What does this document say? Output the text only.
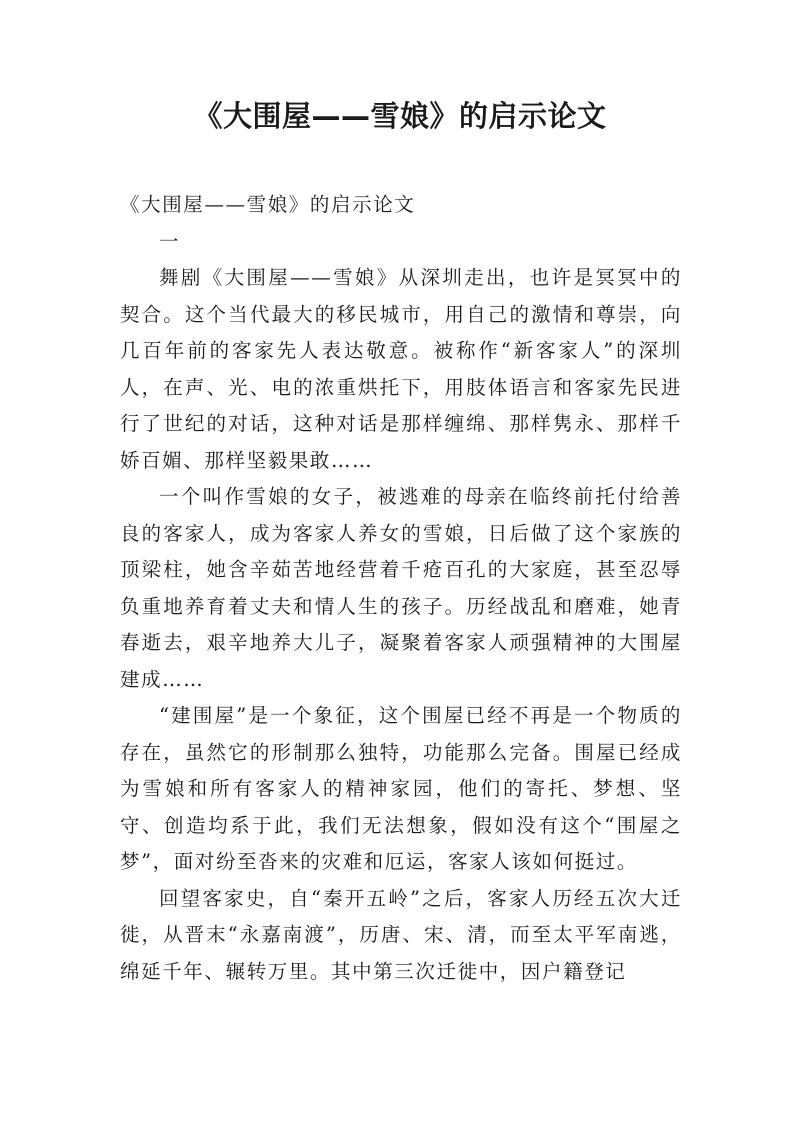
《大围屋——雪娘》的启示论文

《大围屋——雪娘》的启示论文

一

舞剧《大围屋——雪娘》从深圳走出，也许是冥冥中的契合。这个当代最大的移民城市，用自己的激情和尊崇，向几百年前的客家先人表达敬意。被称作“新客家人”的深圳人，在声、光、电的浓重烘托下，用肢体语言和客家先民进行了世纪的对话，这种对话是那样缠绵、那样隽永、那样千娇百媚、那样坚毅果敢……

一个叫作雪娘的女子，被逃难的母亲在临终前托付给善良的客家人，成为客家人养女的雪娘，日后做了这个家族的顶梁柱，她含辛茹苦地经营着千疮百孔的大家庭，甚至忍辱负重地养育着丈夫和情人生的孩子。历经战乱和磨难，她青春逝去，艰辛地养大儿子，凝聚着客家人顽强精神的大围屋建成……

“建围屋”是一个象征，这个围屋已经不再是一个物质的存在，虽然它的形制那么独特，功能那么完备。围屋已经成为雪娘和所有客家人的精神家园，他们的寄托、梦想、坚守、创造均系于此，我们无法想象，假如没有这个“围屋之梦”，面对纷至沓来的灾难和厄运，客家人该如何挺过。

回望客家史，自“秦开五岭”之后，客家人历经五次大迁徙，从晋末“永嘉南渡”，历唐、宋、清，而至太平军南逃，绵延千年、辗转万里。其中第三次迁徙中，因户籍登记
